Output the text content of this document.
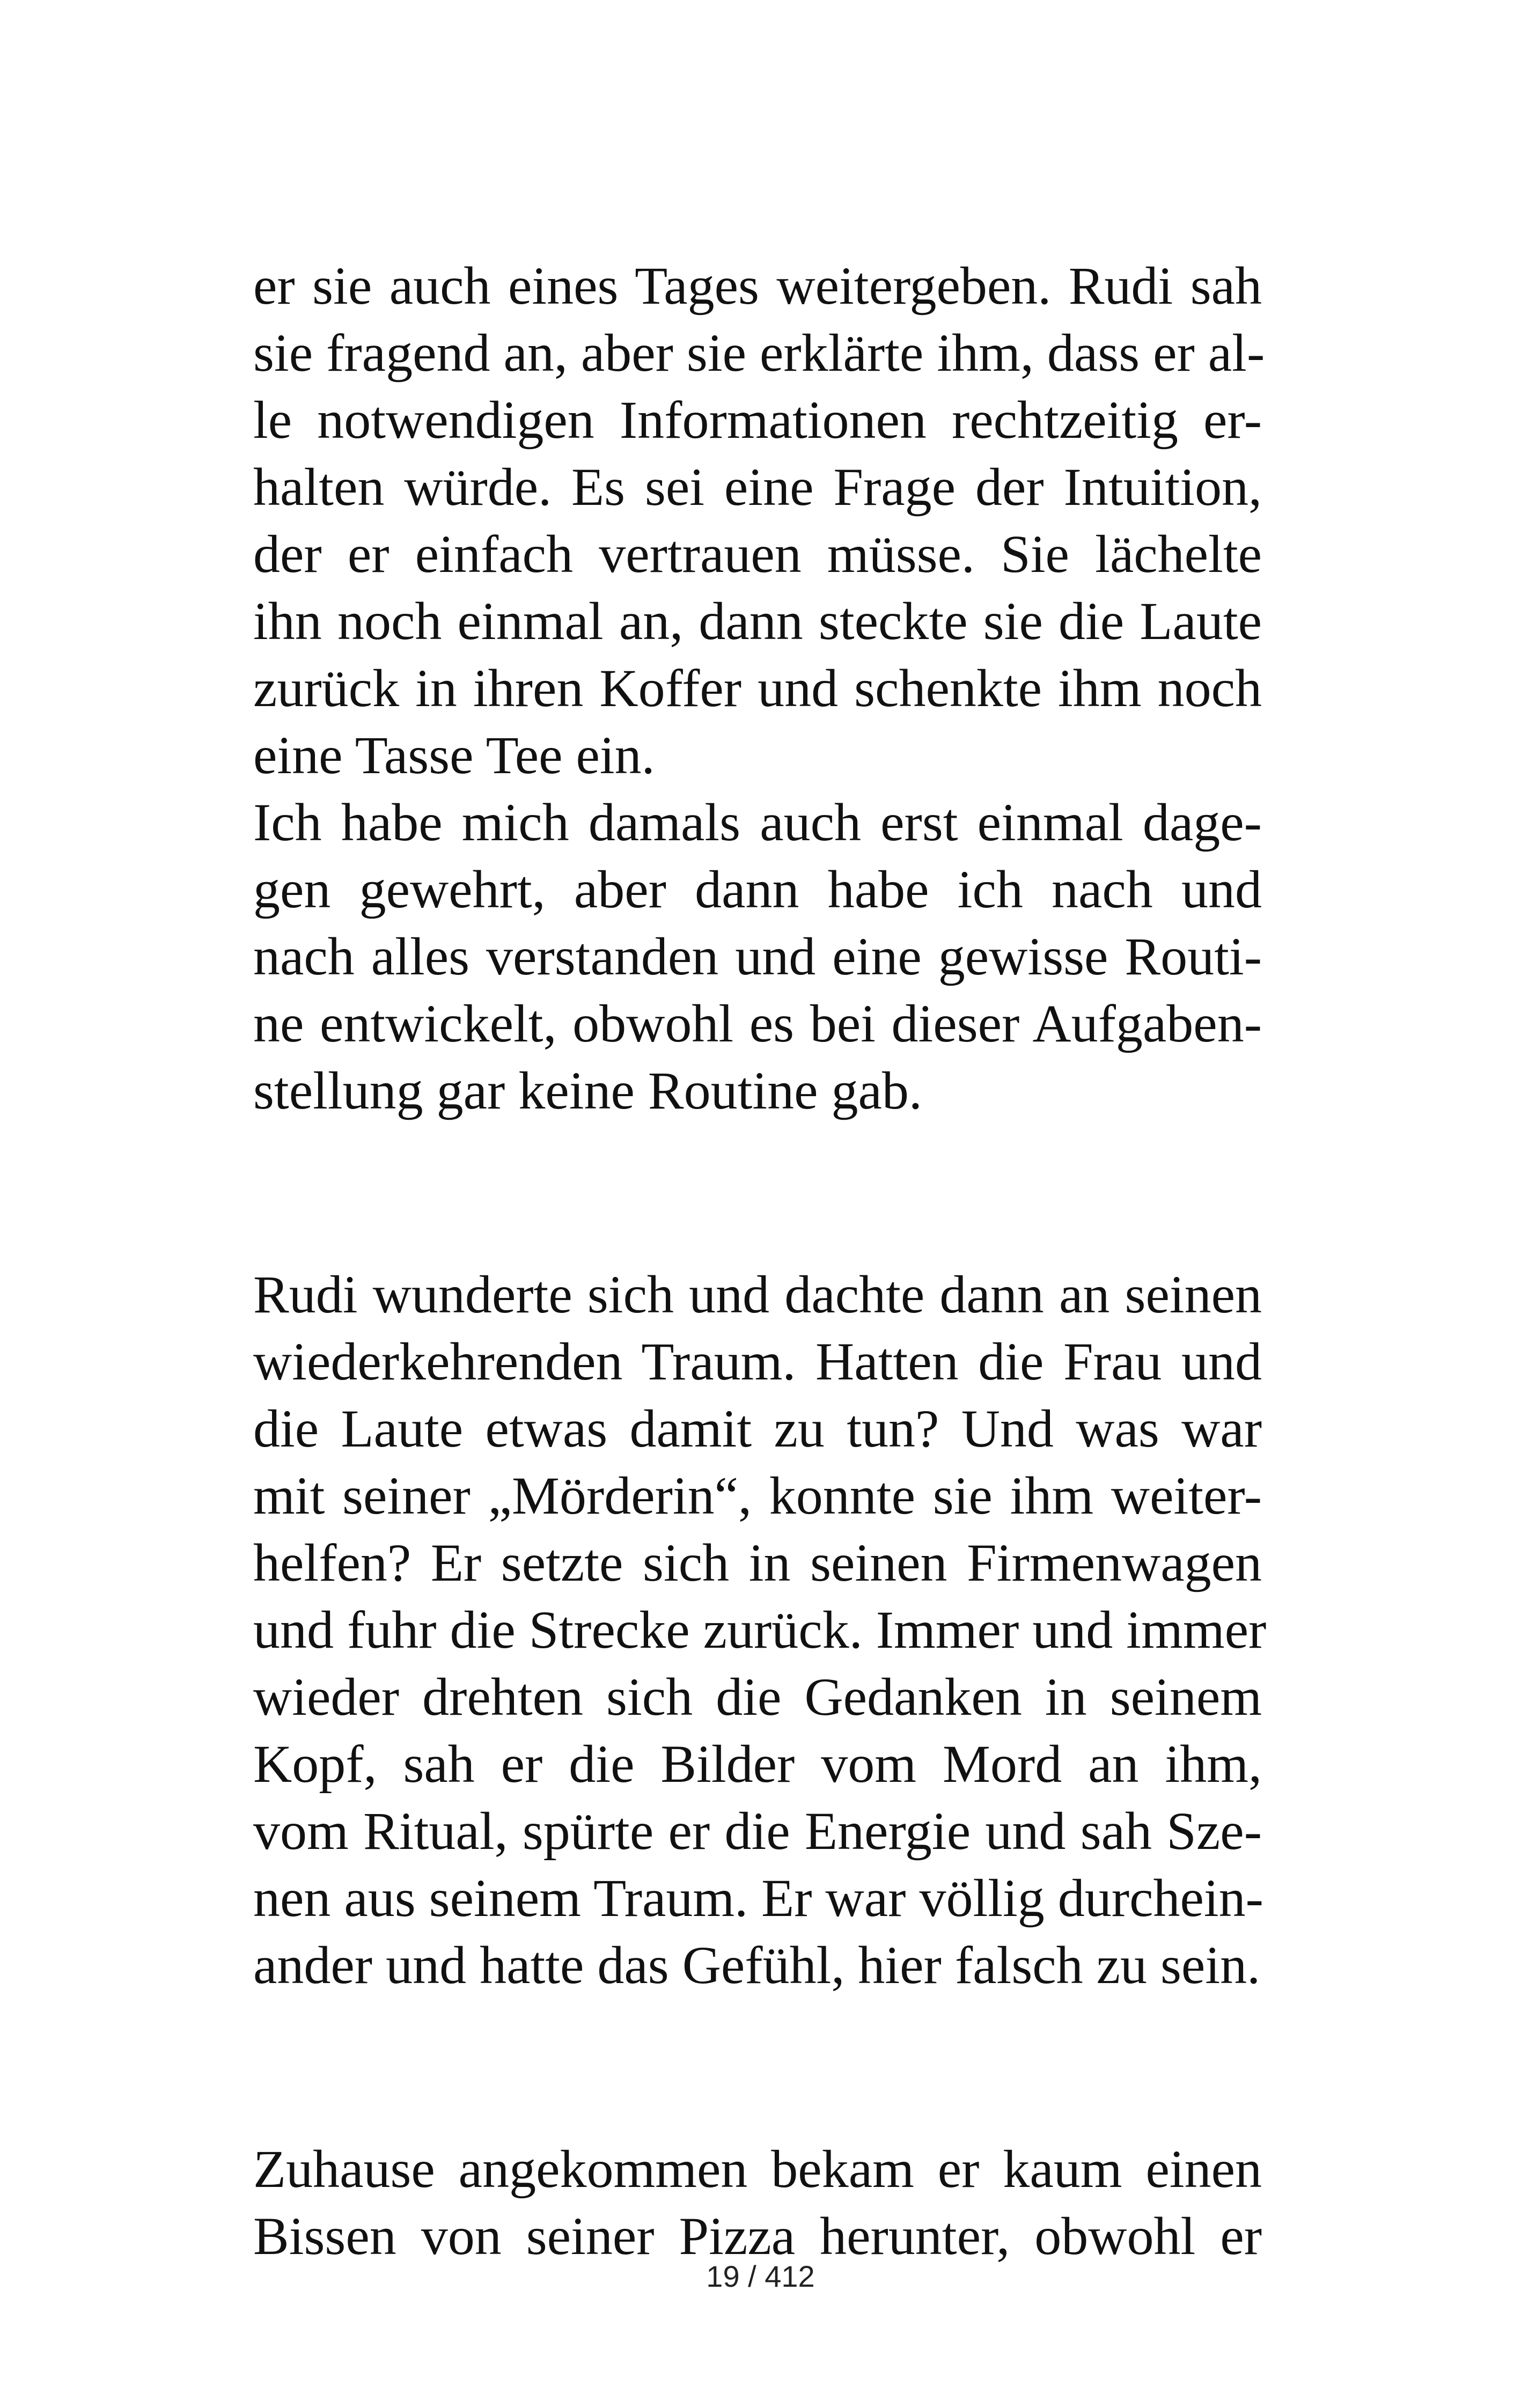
er sie auch eines Tages weitergeben. Rudi sah
sie fragend an, aber sie erklärte ihm, dass er al-
le notwendigen Informationen rechtzeitig er-
halten würde. Es sei eine Frage der Intuition,
der er einfach vertrauen müsse. Sie lächelte
ihn noch einmal an, dann steckte sie die Laute
zurück in ihren Koffer und schenkte ihm noch
eine Tasse Tee ein.
Ich habe mich damals auch erst einmal dage-
gen gewehrt, aber dann habe ich nach und
nach alles verstanden und eine gewisse Routi-
ne entwickelt, obwohl es bei dieser Aufgaben-
stellung gar keine Routine gab.
Rudi wunderte sich und dachte dann an seinen
wiederkehrenden Traum. Hatten die Frau und
die Laute etwas damit zu tun? Und was war
mit seiner „Mörderin“, konnte sie ihm weiter-
helfen? Er setzte sich in seinen Firmenwagen
und fuhr die Strecke zurück. Immer und immer
wieder drehten sich die Gedanken in seinem
Kopf, sah er die Bilder vom Mord an ihm,
vom Ritual, spürte er die Energie und sah Sze-
nen aus seinem Traum. Er war völlig durchein-
ander und hatte das Gefühl, hier falsch zu sein.
Zuhause angekommen bekam er kaum einen
Bissen von seiner Pizza herunter, obwohl er
19 / 412
